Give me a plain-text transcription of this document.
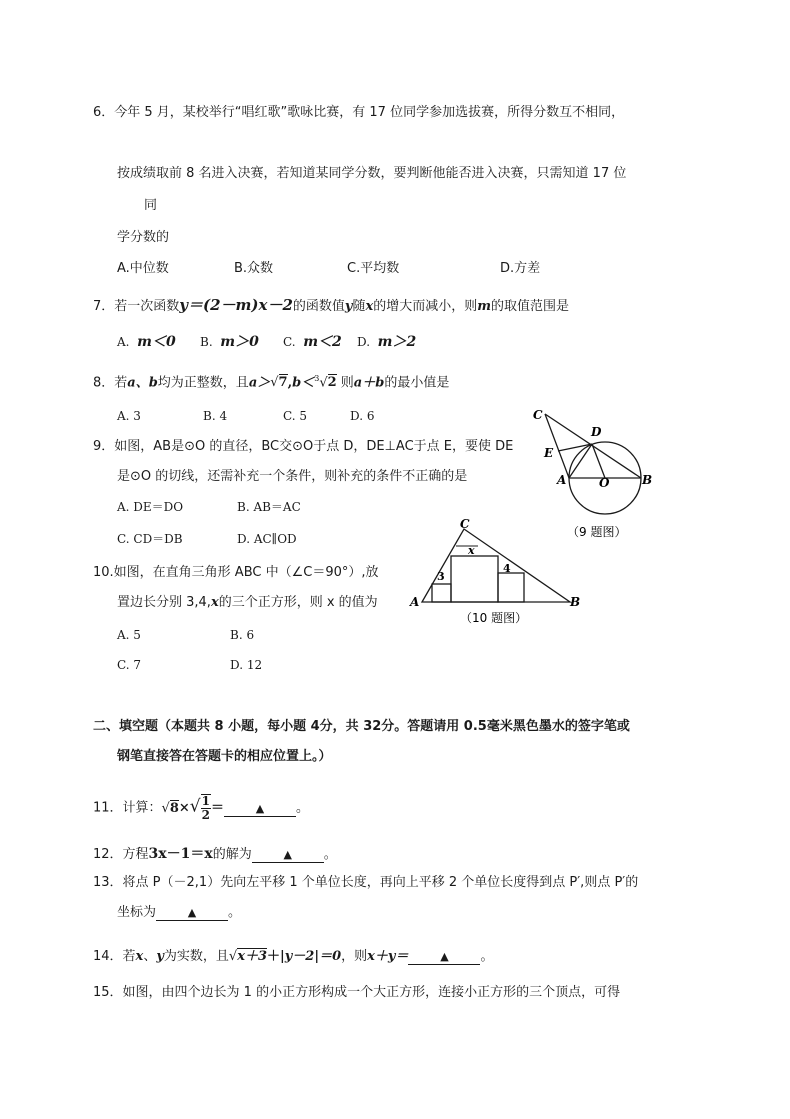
6．今年 5 月，某校举行“唱红歌”歌咏比赛，有 17 位同学参加选拔赛，所得分数互不相同，
按成绩取前 8 名进入决赛，若知道某同学分数，要判断他能否进入决赛，只需知道 17 位
同
学分数的
A.中位数	B.众数	C.平均数	D.方差
7．若一次函数y＝(2－m)x－2的函数值y随x的增大而减小，则m的取值范围是
A. m＜0 B. m＞0 C. m＜2 D. m＞2
8．若a、b均为正整数，且a＞√7,b＜$^3$√2 则a＋b的最小值是
A. 3	B. 4	C. 5	D. 6
9．如图，AB是⊙O 的直径，BC交⊙O于点 D，DE⊥AC于点 E，要使 DE
是⊙O 的切线，还需补充一个条件，则补充的条件不正确的是
A. DE＝DO	B. AB＝AC
C. CD＝DB	D. AC∥OD
C
D
E
A	O	B
（9 题图）
10.如图，在直角三角形 ABC 中（∠C＝90°）,放
置边长分别 3,4,x的三个正方形，则 x 的值为
A. 5	B. 6
C. 7	D. 12
C
A	B
3
4
x
（10 题图）
二、填空题（本题共 8 小题，每小题 4分，共 32分。答题请用 0.5毫米黑色墨水的签字笔或
钢笔直接答在答题卡的相应位置上。）
11．计算：$√8\times√ \frac{1}{2}$ ＝	▲ 。
12．方程3x－1＝x的解为	▲ 。
13．将点 P（－2,1）先向左平移 1 个单位长度，再向上平移 2 个单位长度得到点 P′,则点 P′的
坐标为	▲ 。
14．若x、y为实数，且√x＋3＋|y－2|＝0，则x＋y＝	▲ 。
15．如图，由四个边长为 1 的小正方形构成一个大正方形，连接小正方形的三个顶点，可得
